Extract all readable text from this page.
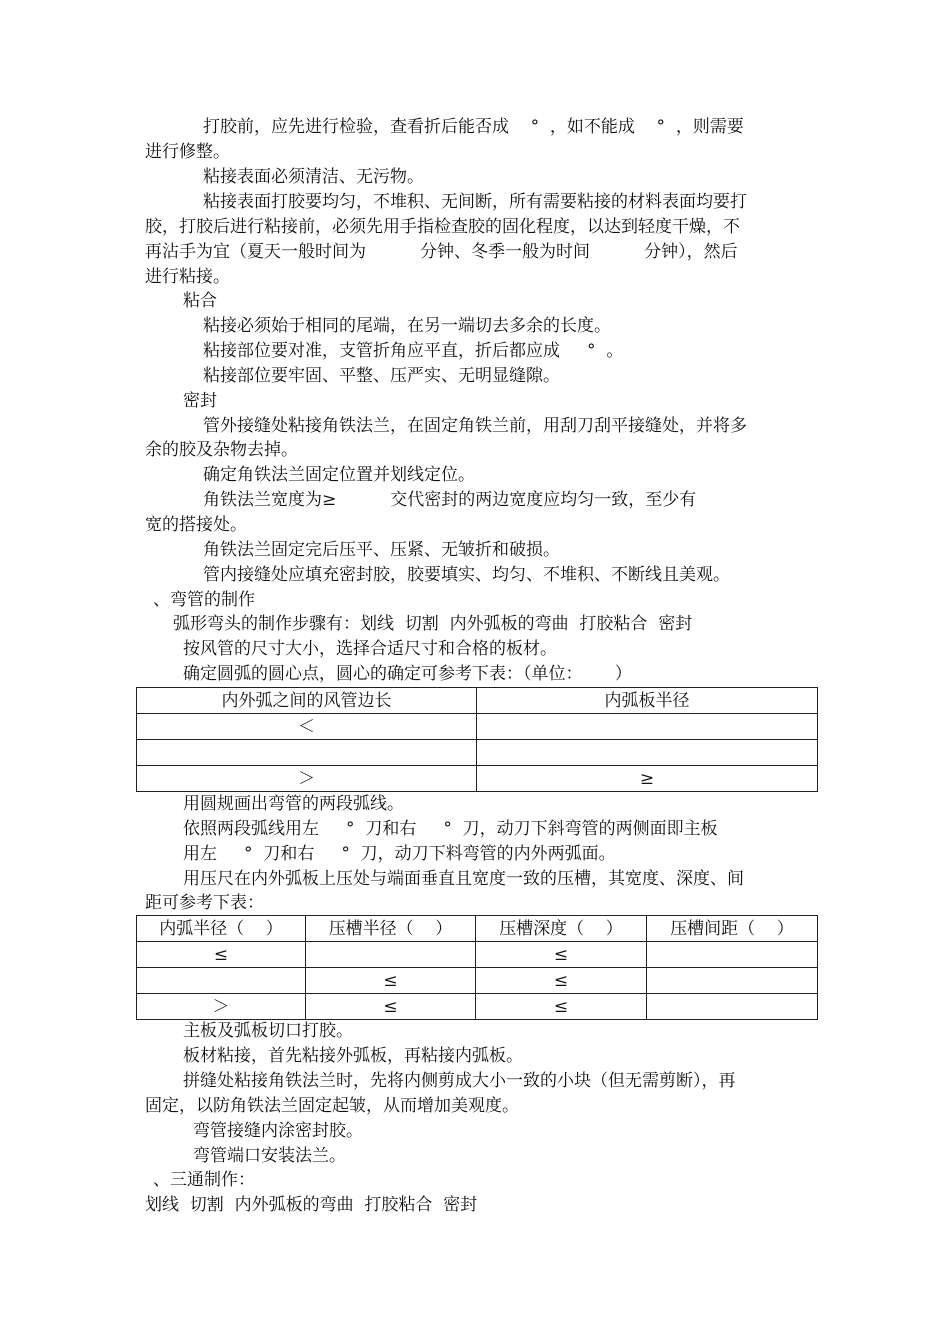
打胶前，应先进行检验，查看折后能否成    °  ，如不能成    °  ，则需要
进行修整。
粘接表面必须清洁、无污物。
粘接表面打胶要均匀，不堆积、无间断，所有需要粘接的材料表面均要打
胶，打胶后进行粘接前，必须先用手指检查胶的固化程度，以达到轻度干燥，不
再沾手为宜（夏天一般时间为          分钟、冬季一般为时间          分钟），然后
进行粘接。
粘合
粘接必须始于相同的尾端，在另一端切去多余的长度。
粘接部位要对准，支管折角应平直，折后都应成     °  。
粘接部位要牢固、平整、压严实、无明显缝隙。
密封
管外接缝处粘接角铁法兰，在固定角铁兰前，用刮刀刮平接缝处，并将多
余的胶及杂物去掉。
确定角铁法兰固定位置并划线定位。
角铁法兰宽度为≥          交代密封的两边宽度应均匀一致，至少有
宽的搭接处。
角铁法兰固定完后压平、压紧、无皱折和破损。
管内接缝处应填充密封胶，胶要填实、均匀、不堆积、不断线且美观。
、弯管的制作
弧形弯头的制作步骤有：划线  切割  内外弧板的弯曲  打胶粘合  密封
按风管的尺寸大小，选择合适尺寸和合格的板材。
确定圆弧的圆心点，圆心的确定可参考下表：（单位：      ）
内外弧之间的风管边长	内弧板半径
＜	

＞	≥
用圆规画出弯管的两段弧线。
依照两段弧线用左     °  刀和右     °  刀，动刀下斜弯管的两侧面即主板
用左     °  刀和右     °  刀，动刀下料弯管的内外两弧面。
用压尺在内外弧板上压处与端面垂直且宽度一致的压槽，其宽度、深度、间
距可参考下表：
内弧半径（    ）	压槽半径（    ）	压槽深度（    ）	压槽间距（    ）
≤		≤	
	≤	≤	
＞	≤	≤	
主板及弧板切口打胶。
板材粘接，首先粘接外弧板，再粘接内弧板。
拼缝处粘接角铁法兰时，先将内侧剪成大小一致的小块（但无需剪断），再
固定，以防角铁法兰固定起皱，从而增加美观度。
弯管接缝内涂密封胶。
弯管端口安装法兰。
、三通制作：
划线  切割  内外弧板的弯曲  打胶粘合  密封
